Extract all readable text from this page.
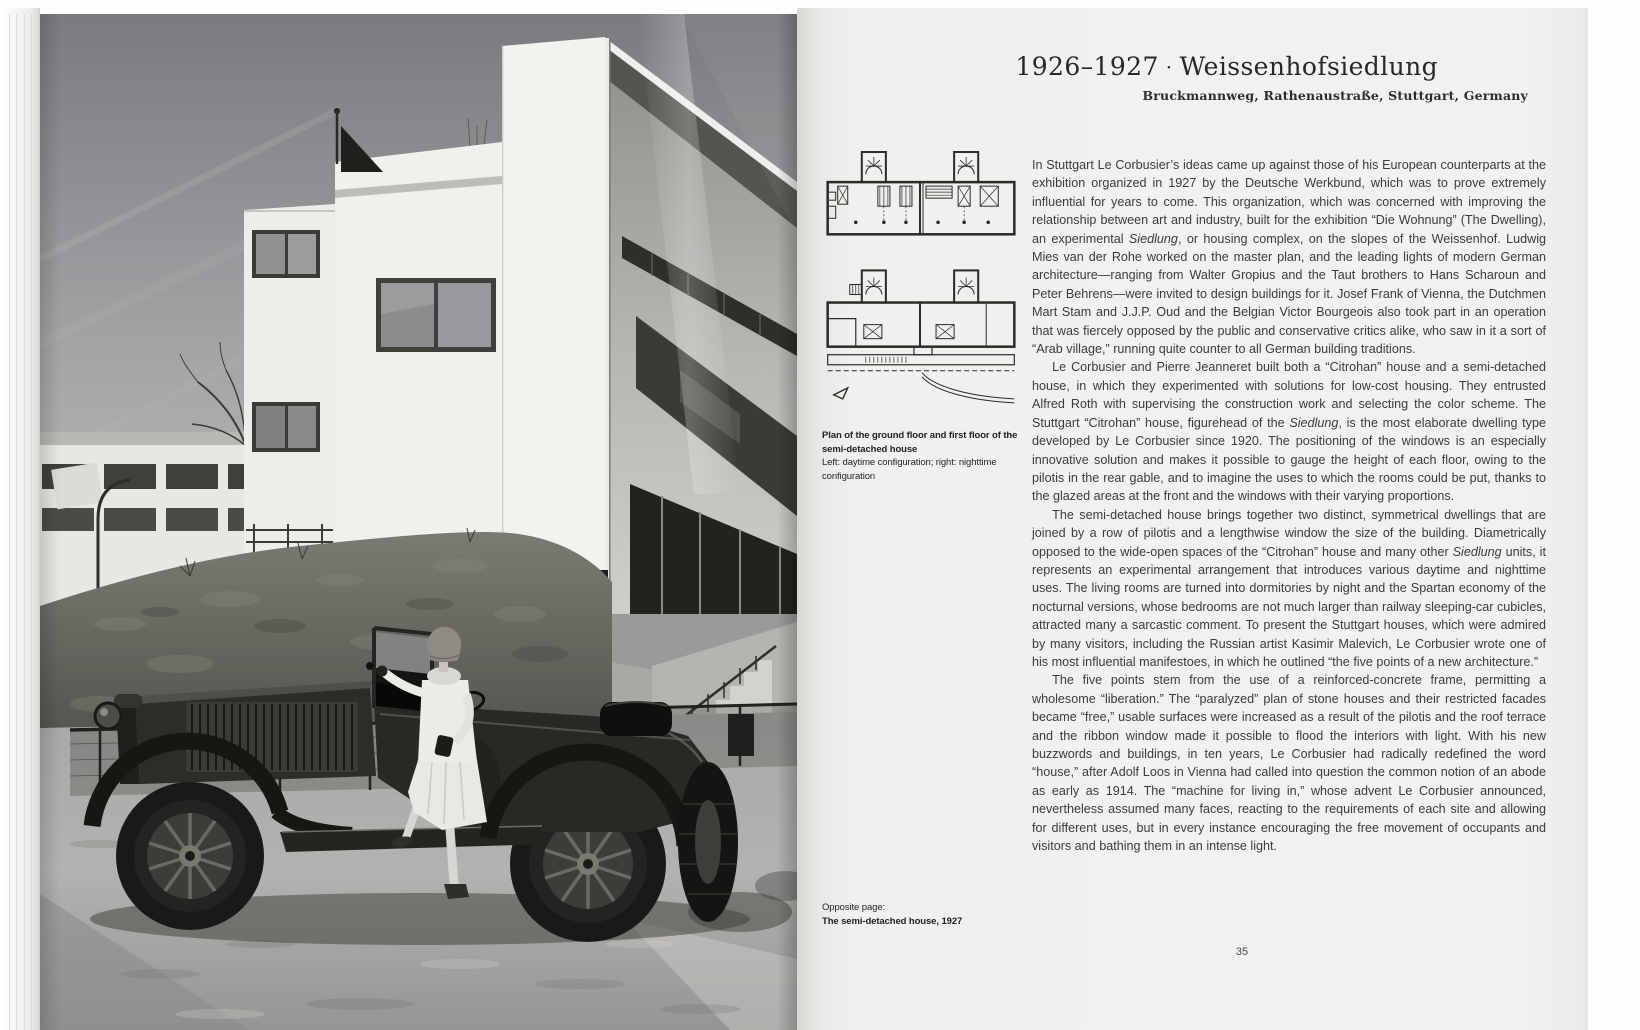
1926–1927 · Weissenhofsiedlung
Bruckmannweg, Rathenaustraße, Stuttgart, Germany
Plan of the ground floor and first floor of the semi-detached house
Left: daytime configuration; right: nighttime configuration

In Stuttgart Le Corbusier’s ideas came up against those of his European counterparts at the exhibition organized in 1927 by the Deutsche Werkbund, which was to prove extremely influential for years to come. This organization, which was concerned with improving the relationship between art and industry, built for the exhibition “Die Wohnung” (The Dwelling), an experimental Siedlung, or housing complex, on the slopes of the Weissenhof. Ludwig Mies van der Rohe worked on the master plan, and the leading lights of modern German architecture—ranging from Walter Gropius and the Taut brothers to Hans Scharoun and Peter Behrens—were invited to design buildings for it. Josef Frank of Vienna, the Dutchmen Mart Stam and J.J.P. Oud and the Belgian Victor Bourgeois also took part in an operation that was fiercely opposed by the public and conservative critics alike, who saw in it a sort of “Arab village,” running quite counter to all German building traditions.

Le Corbusier and Pierre Jeanneret built both a “Citrohan” house and a semi-detached house, in which they experimented with solutions for low-cost housing. They entrusted Alfred Roth with supervising the construction work and selecting the color scheme. The Stuttgart “Citrohan” house, figurehead of the Siedlung, is the most elaborate dwelling type developed by Le Corbusier since 1920. The positioning of the windows is an especially innovative solution and makes it possible to gauge the height of each floor, owing to the pilotis in the rear gable, and to imagine the uses to which the rooms could be put, thanks to the glazed areas at the front and the windows with their varying proportions.

The semi-detached house brings together two distinct, symmetrical dwellings that are joined by a row of pilotis and a lengthwise window the size of the building. Diametrically opposed to the wide-open spaces of the “Citrohan” house and many other Siedlung units, it represents an experimental arrangement that introduces various daytime and nighttime uses. The living rooms are turned into dormitories by night and the Spartan economy of the nocturnal versions, whose bedrooms are not much larger than railway sleeping-car cubicles, attracted many a sarcastic comment. To present the Stuttgart houses, which were admired by many visitors, including the Russian artist Kasimir Malevich, Le Corbusier wrote one of his most influential manifestoes, in which he outlined “the five points of a new architecture.”

The five points stem from the use of a reinforced-concrete frame, permitting a wholesome “liberation.” The “paralyzed” plan of stone houses and their restricted facades became “free,” usable surfaces were increased as a result of the pilotis and the roof terrace and the ribbon window made it possible to flood the interiors with light. With his new buzzwords and buildings, in ten years, Le Corbusier had radically redefined the word “house,” after Adolf Loos in Vienna had called into question the common notion of an abode as early as 1914. The “machine for living in,” whose advent Le Corbusier announced, nevertheless assumed many faces, reacting to the requirements of each site and allowing for different uses, but in every instance encouraging the free movement of occupants and visitors and bathing them in an intense light.

Opposite page:
The semi-detached house, 1927
35
